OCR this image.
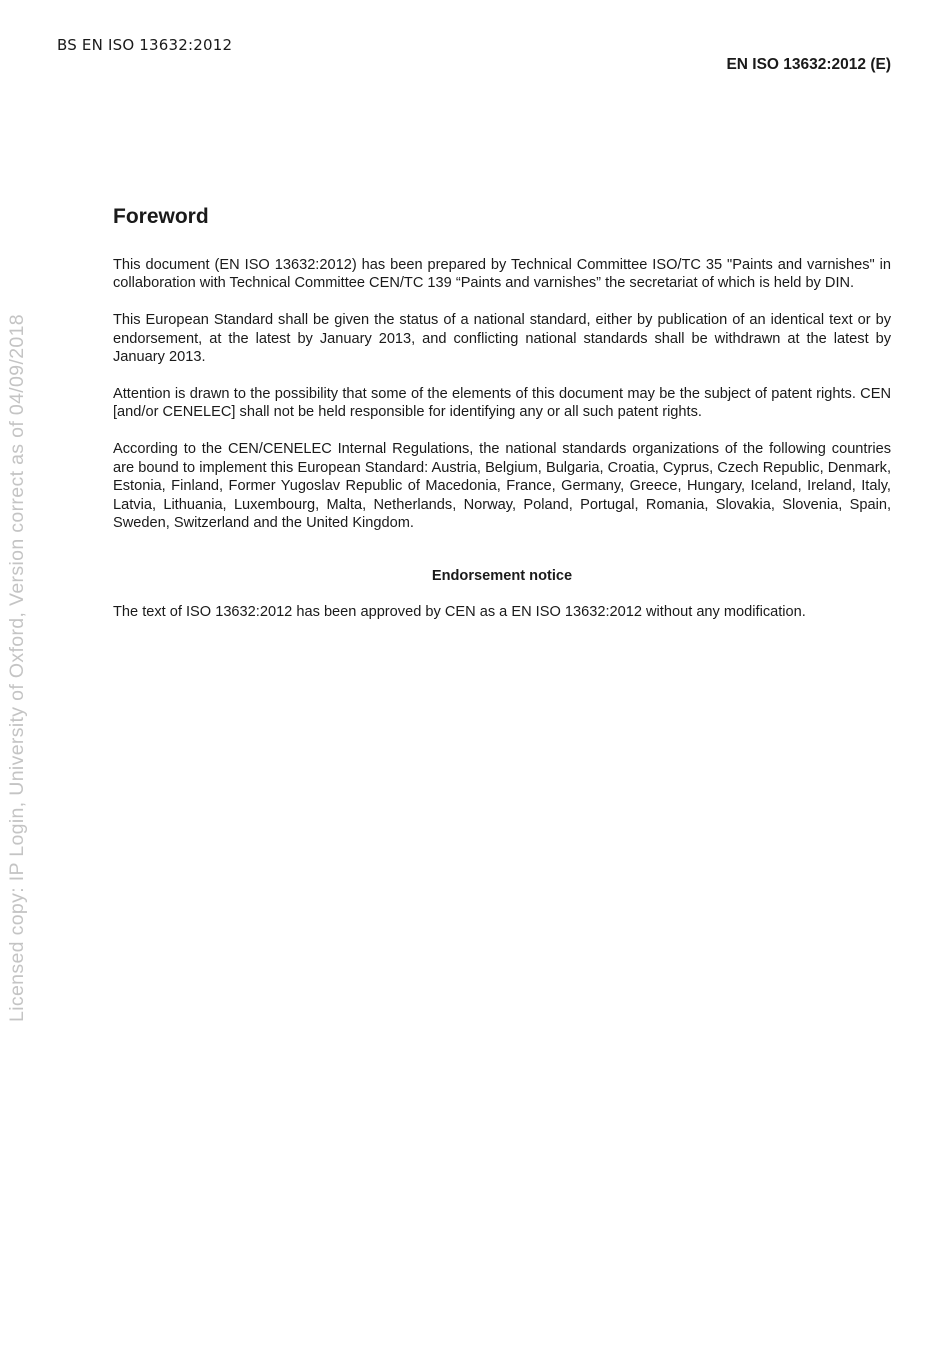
BS EN ISO 13632:2012
EN ISO 13632:2012 (E)
Licensed copy: IP Login, University of Oxford, Version correct as of 04/09/2018
Foreword

This document (EN ISO 13632:2012) has been prepared by Technical Committee ISO/TC 35 "Paints and varnishes" in collaboration with Technical Committee CEN/TC 139 “Paints and varnishes” the secretariat of which is held by DIN.

This European Standard shall be given the status of a national standard, either by publication of an identical text or by endorsement, at the latest by January 2013, and conflicting national standards shall be withdrawn at the latest by January 2013.

Attention is drawn to the possibility that some of the elements of this document may be the subject of patent rights. CEN [and/or CENELEC] shall not be held responsible for identifying any or all such patent rights.

According to the CEN/CENELEC Internal Regulations, the national standards organizations of the following countries are bound to implement this European Standard: Austria, Belgium, Bulgaria, Croatia, Cyprus, Czech Republic, Denmark, Estonia, Finland, Former Yugoslav Republic of Macedonia, France, Germany, Greece, Hungary, Iceland, Ireland, Italy, Latvia, Lithuania, Luxembourg, Malta, Netherlands, Norway, Poland, Portugal, Romania, Slovakia, Slovenia, Spain, Sweden, Switzerland and the United Kingdom.

Endorsement notice

The text of ISO 13632:2012 has been approved by CEN as a EN ISO 13632:2012 without any modification.
